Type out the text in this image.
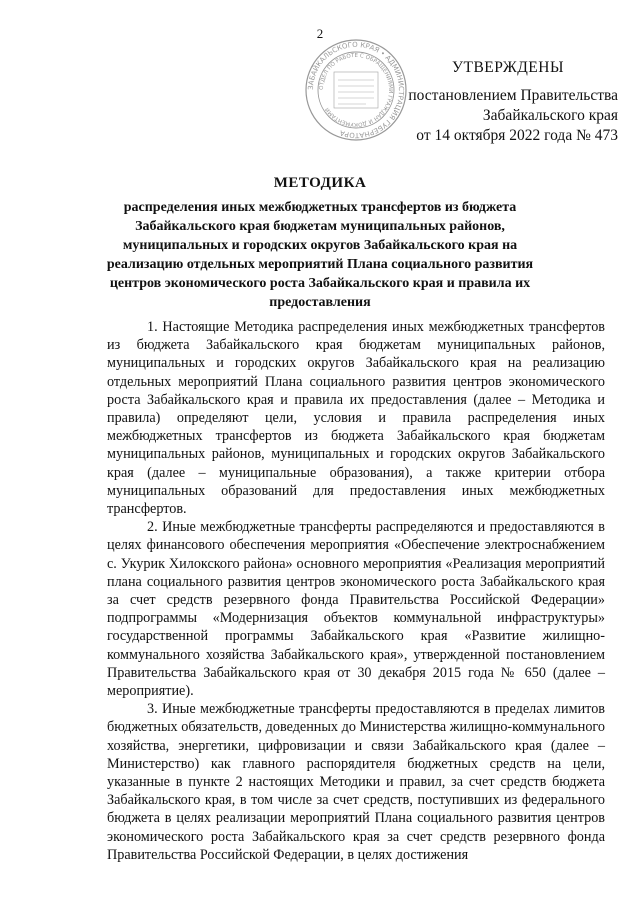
2
ЗАБАЙКАЛЬСКОГО КРАЯ • АДМИНИСТРАЦИЯ ГУБЕРНАТОРА
ОТДЕЛ ПО РАБОТЕ С ОБРАЩЕНИЯМИ ГРАЖДАН И ДОКУМЕНТАМИ
УТВЕРЖДЕНЫ
постановлением Правительства
Забайкальского края
от 14 октября 2022 года № 473
МЕТОДИКА
распределения иных межбюджетных трансфертов из бюджета
Забайкальского края бюджетам муниципальных районов,
муниципальных и городских округов Забайкальского края на
реализацию отдельных мероприятий Плана социального развития
центров экономического роста Забайкальского края и правила их
предоставления

1. Настоящие Методика распределения иных межбюджетных трансфертов из бюджета Забайкальского края бюджетам муниципальных районов, муниципальных и городских округов Забайкальского края на реализацию отдельных мероприятий Плана социального развития центров экономического роста Забайкальского края и правила их предоставления (далее – Методика и правила) определяют цели, условия и правила распределения иных межбюджетных трансфертов из бюджета Забайкальского края бюджетам муниципальных районов, муниципальных и городских округов Забайкальского края (далее – муниципальные образования), а также критерии отбора муниципальных образований для предоставления иных межбюджетных трансфертов.

2. Иные межбюджетные трансферты распределяются и предоставляются в целях финансового обеспечения мероприятия «Обеспечение электроснабжением с. Укурик Хилокского района» основного мероприятия «Реализация мероприятий плана социального развития центров экономического роста Забайкальского края за счет средств резервного фонда Правительства Российской Федерации» подпрограммы «Модернизация объектов коммунальной инфраструктуры» государственной программы Забайкальского края «Развитие жилищно-коммунального хозяйства Забайкальского края», утвержденной постановлением Правительства Забайкальского края от 30 декабря 2015 года № 650 (далее – мероприятие).

3. Иные межбюджетные трансферты предоставляются в пределах лимитов бюджетных обязательств, доведенных до Министерства жилищно-коммунального хозяйства, энергетики, цифровизации и связи Забайкальского края (далее – Министерство) как главного распорядителя бюджетных средств на цели, указанные в пункте 2 настоящих Методики и правил, за счет средств бюджета Забайкальского края, в том числе за счет средств, поступивших из федерального бюджета в целях реализации мероприятий Плана социального развития центров экономического роста Забайкальского края за счет средств резервного фонда Правительства Российской Федерации, в целях достижения
